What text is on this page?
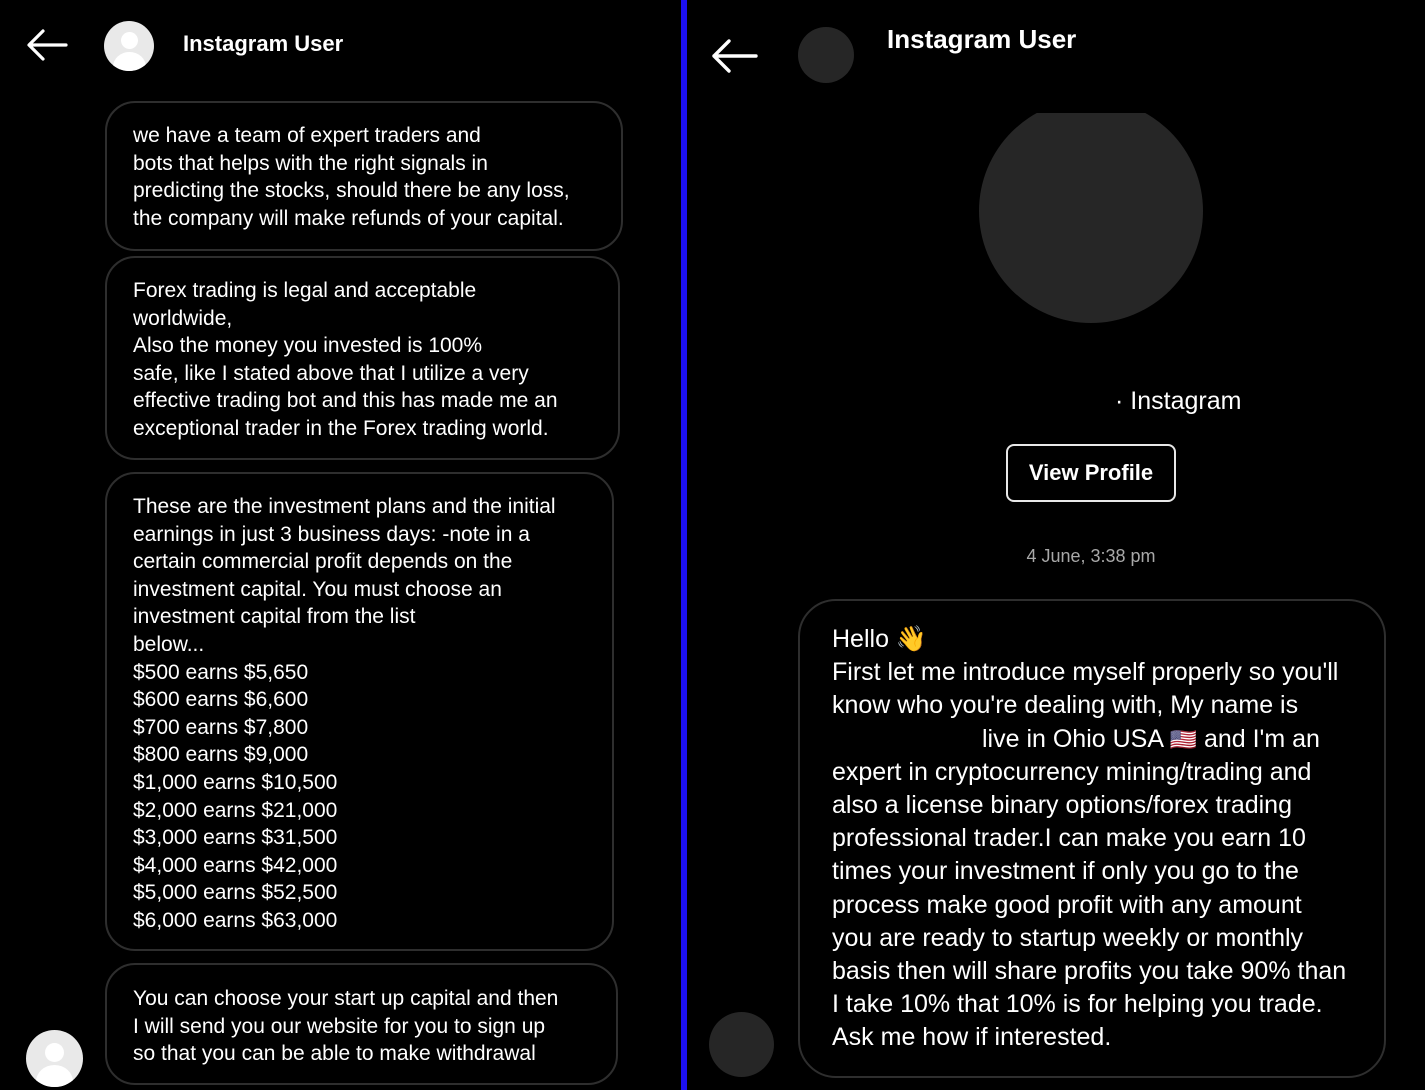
Instagram User
we have a team of expert traders and
bots that helps with the right signals in
predicting the stocks, should there be any loss,
the company will make refunds of your capital.
Forex trading is legal and acceptable
worldwide,
Also the money you invested is 100%
safe, like I stated above that I utilize a very
effective trading bot and this has made me an
exceptional trader in the Forex trading world.
These are the investment plans and the initial
earnings in just 3 business days: -note in a
certain commercial profit depends on the
investment capital. You must choose an
investment capital from the list
below...
$500 earns $5,650
$600 earns $6,600
$700 earns $7,800
$800 earns $9,000
$1,000 earns $10,500
$2,000 earns $21,000
$3,000 earns $31,500
$4,000 earns $42,000
$5,000 earns $52,500
$6,000 earns $63,000
You can choose your start up capital and then
I will send you our website for you to sign up
so that you can be able to make withdrawal
Instagram User
· Instagram
View Profile
4 June, 3:38 pm
Hello 👋
First let me introduce myself properly so you'll
know who you're dealing with, My name is
live in Ohio USA 🇺🇸 and I'm an
expert in cryptocurrency mining/trading and
also a license binary options/forex trading
professional trader.I can make you earn 10
times your investment if only you go to the
process make good profit with any amount
you are ready to startup weekly or monthly
basis then will share profits you take 90% than
I take 10% that 10% is for helping you trade.
Ask me how if interested.
